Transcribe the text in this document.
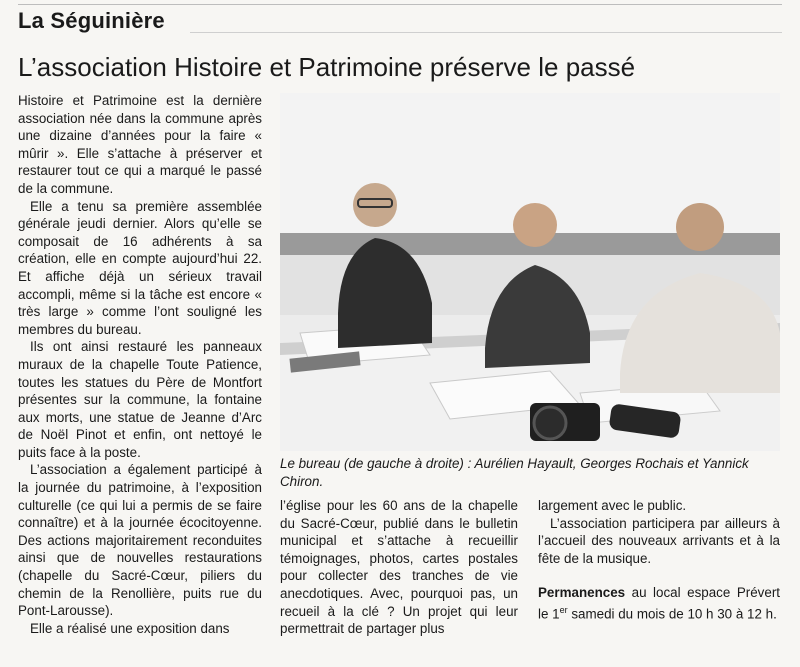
La Séguinière
L’association Histoire et Patrimoine préserve le passé

Histoire et Patrimoine est la dernière association née dans la commune après une dizaine d’années pour la faire « mûrir ». Elle s’attache à préserver et restaurer tout ce qui a marqué le passé de la commune.

Elle a tenu sa première assemblée générale jeudi dernier. Alors qu’elle se composait de 16 adhérents à sa création, elle en compte aujourd’hui 22. Et affiche déjà un sérieux travail accompli, même si la tâche est encore « très large » comme l’ont souligné les membres du bureau.

Ils ont ainsi restauré les panneaux muraux de la chapelle Toute Patience, toutes les statues du Père de Montfort présentes sur la commune, la fontaine aux morts, une statue de Jeanne d’Arc de Noël Pinot et enfin, ont nettoyé le puits face à la poste.

L’association a également participé à la journée du patrimoine, à l’exposition culturelle (ce qui lui a permis de se faire connaître) et à la journée écocitoyenne. Des actions majoritairement reconduites ainsi que de nouvelles restaurations (chapelle du Sacré-Cœur, piliers du chemin de la Renollière, puits rue du Pont-Larousse).

Elle a réalisé une exposition dans

Le bureau (de gauche à droite) : Aurélien Hayault, Georges Rochais et Yannick Chiron.

l’église pour les 60 ans de la chapelle du Sacré-Cœur, publié dans le bulletin municipal et s’attache à recueillir témoignages, photos, cartes postales pour collecter des tranches de vie anecdotiques. Avec, pourquoi pas, un recueil à la clé ? Un projet qui leur permettrait de partager plus

largement avec le public.

L’association participera par ailleurs à l’accueil des nouveaux arrivants et à la fête de la musique.

Permanences au local espace Prévert le 1er samedi du mois de 10 h 30 à 12 h.
